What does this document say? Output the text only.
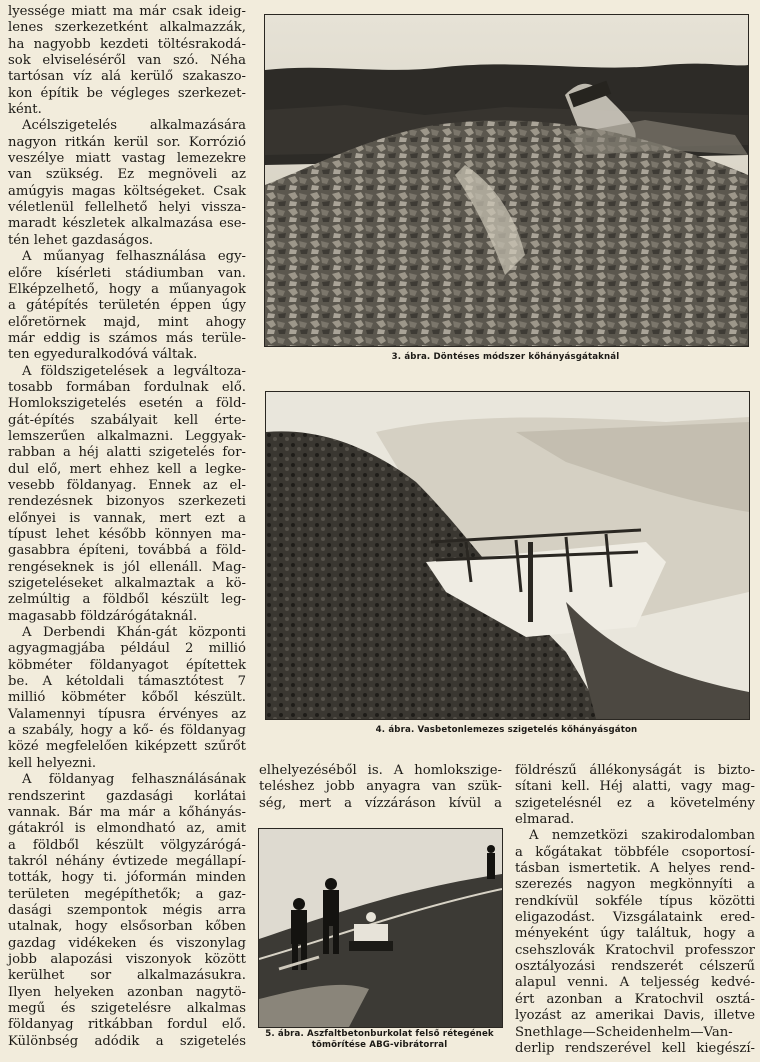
lyessége miatt ma már csak ideig-
lenes szerkezetként alkalmazzák,
ha nagyobb kezdeti töltésrakodá-
sok elviseléséről van szó. Néha
tartósan víz alá kerülő szakaszo-
kon építik be végleges szerkezet-
ként.
Acélszigetelés alkalmazására
nagyon ritkán kerül sor. Korrózió
veszélye miatt vastag lemezekre
van szükség. Ez megnöveli az
amúgyis magas költségeket. Csak
véletlenül fellelhető helyi vissza-
maradt készletek alkalmazása ese-
tén lehet gazdaságos.
A műanyag felhasználása egy-
előre kísérleti stádiumban van.
Elképzelhető, hogy a műanyagok
a gátépítés területén éppen úgy
előretörnek majd, mint ahogy
már eddig is számos más terüle-
ten egyeduralkodóvá váltak.
A földszigetelések a legváltoza-
tosabb formában fordulnak elő.
Homlokszigetelés esetén a föld-
gát-építés szabályait kell érte-
lemszerűen alkalmazni. Leggyak-
rabban a héj alatti szigetelés for-
dul elő, mert ehhez kell a legke-
vesebb földanyag. Ennek az el-
rendezésnek bizonyos szerkezeti
előnyei is vannak, mert ezt a
típust lehet később könnyen ma-
gasabbra építeni, továbbá a föld-
rengéseknek is jól ellenáll. Mag-
szigeteléseket alkalmaztak a kö-
zelmúltig a földből készült leg-
magasabb földzárógátaknál.
A Derbendi Khán-gát központi
agyagmagjába például 2 millió
köbméter földanyagot építettek
be. A kétoldali támasztótest 7
millió köbméter kőből készült.
Valamennyi típusra érvényes az
a szabály, hogy a kő- és földanyag
közé megfelelően kiképzett szűrőt
kell helyezni.
A földanyag felhasználásának
rendszerint gazdasági korlátai
vannak. Bár ma már a kőhányás-
gátakról is elmondható az, amit
a földből készült völgyzárógá-
takról néhány évtizede megállapí-
tották, hogy ti. jóformán minden
területen megépíthetők; a gaz-
dasági szempontok mégis arra
utalnak, hogy elsősorban kőben
gazdag vidékeken és viszonylag
jobb alapozási viszonyok között
kerülhet sor alkalmazásukra.
Ilyen helyeken azonban nagytö-
megű és szigetelésre alkalmas
földanyag ritkábban fordul elő.
Különbség adódik a szigetelés
3. ábra. Döntéses módszer kőhányásgátaknál
4. ábra. Vasbetonlemezes szigetelés kőhányásgáton
elhelyezéséből is. A homlokszige-
teléshez jobb anyagra van szük-
ség, mert a vízzáráson kívül a
5. ábra. Aszfaltbetonburkolat felső rétegének
tömörítése ABG-vibrátorral
földrészű állékonyságát is bizto-
sítani kell. Héj alatti, vagy mag-
szigetelésnél ez a követelmény
elmarad.
A nemzetközi szakirodalomban
a kőgátakat többféle csoportosí-
tásban ismertetik. A helyes rend-
szerezés nagyon megkönnyíti a
rendkívül sokféle típus közötti
eligazodást. Vizsgálataink ered-
ményeként úgy találtuk, hogy a
csehszlovák Kratochvil professzor
osztályozási rendszerét célszerű
alapul venni. A teljesség kedvé-
ért azonban a Kratochvil osztá-
lyozást az amerikai Davis, illetve
Snethlage—Scheidenhelm—Van-
derlip rendszerével kell kiegészí-
